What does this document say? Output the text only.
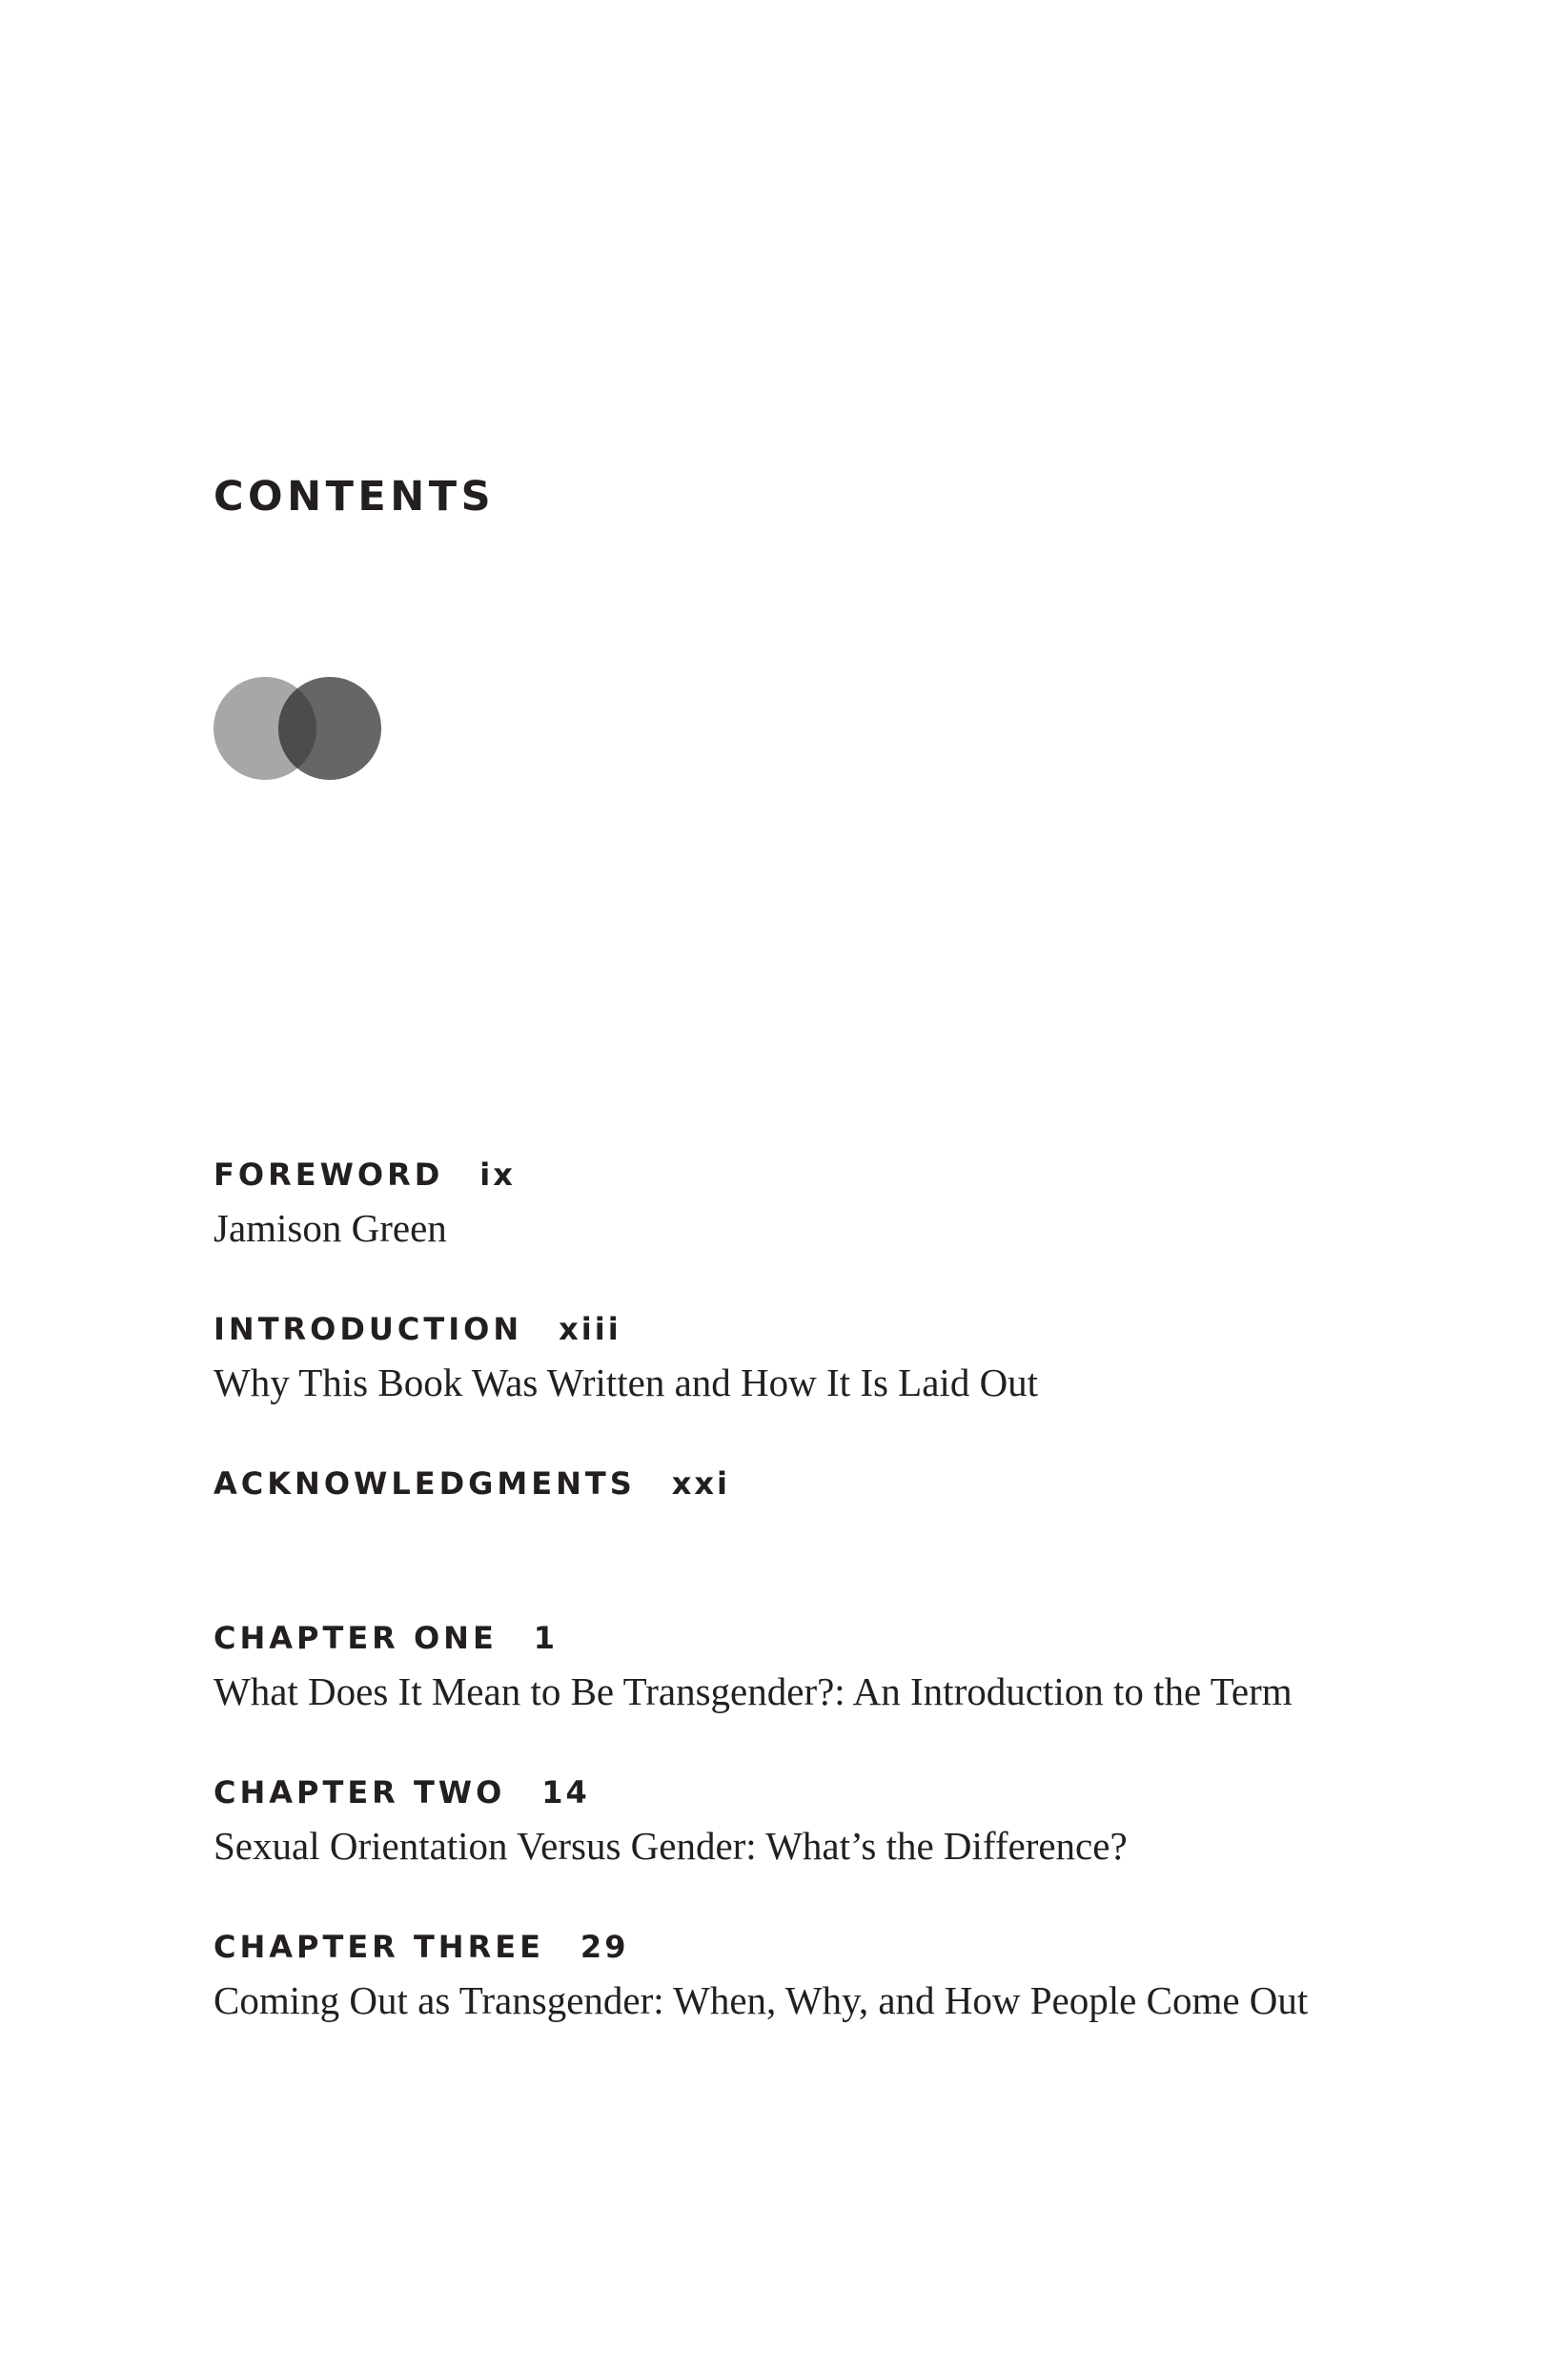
CONTENTS
FOREWORD ix
Jamison Green
INTRODUCTION xiii
Why This Book Was Written and How It Is Laid Out
ACKNOWLEDGMENTS xxi
CHAPTER ONE 1
What Does It Mean to Be Transgender?: An Introduction to the Term
CHAPTER TWO 14
Sexual Orientation Versus Gender: What’s the Difference?
CHAPTER THREE 29
Coming Out as Transgender: When, Why, and How People Come Out
